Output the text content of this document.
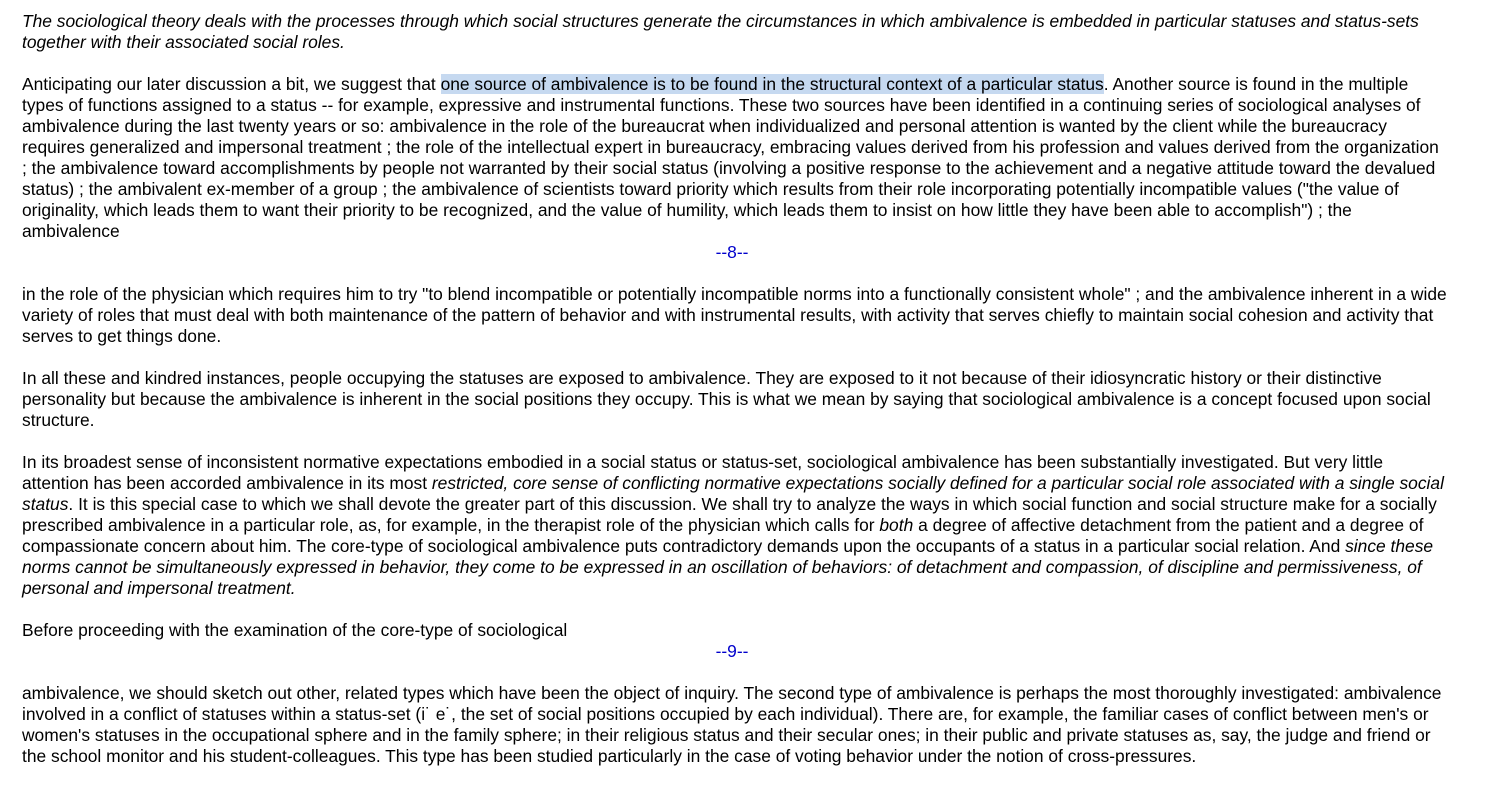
The sociological theory deals with the processes through which social structures generate the circumstances in which ambivalence is embedded in particular statuses and status-sets together with their associated social roles.

Anticipating our later discussion a bit, we suggest that one source of ambivalence is to be found in the structural context of a particular status. Another source is found in the multiple types of functions assigned to a status -- for example, expressive and instrumental functions. These two sources have been identified in a continuing series of sociological analyses of ambivalence during the last twenty years or so: ambivalence in the role of the bureaucrat when individualized and personal attention is wanted by the client while the bureaucracy requires generalized and impersonal treatment ; the role of the intellectual expert in bureaucracy, embracing values derived from his profession and values derived from the organization ; the ambivalence toward accomplishments by people not warranted by their social status (involving a positive response to the achievement and a negative attitude toward the devalued status) ; the ambivalent ex-member of a group ; the ambivalence of scientists toward priority which results from their role incorporating potentially incompatible values ("the value of originality, which leads them to want their priority to be recognized, and the value of humility, which leads them to insist on how little they have been able to accomplish") ; the ambivalence

--8--

in the role of the physician which requires him to try "to blend incompatible or potentially incompatible norms into a functionally consistent whole" ; and the ambivalence inherent in a wide variety of roles that must deal with both maintenance of the pattern of behavior and with instrumental results, with activity that serves chiefly to maintain social cohesion and activity that serves to get things done.

In all these and kindred instances, people occupying the statuses are exposed to ambivalence. They are exposed to it not because of their idiosyncratic history or their distinctive personality but because the ambivalence is inherent in the social positions they occupy. This is what we mean by saying that sociological ambivalence is a concept focused upon social structure.

In its broadest sense of inconsistent normative expectations embodied in a social status or status-set, sociological ambivalence has been substantially investigated. But very little attention has been accorded ambivalence in its most restricted, core sense of conflicting normative expectations socially defined for a particular social role associated with a single social status. It is this special case to which we shall devote the greater part of this discussion. We shall try to analyze the ways in which social function and social structure make for a socially prescribed ambivalence in a particular role, as, for example, in the therapist role of the physician which calls for both a degree of affective detachment from the patient and a degree of compassionate concern about him. The core-type of sociological ambivalence puts contradictory demands upon the occupants of a status in a particular social relation. And since these norms cannot be simultaneously expressed in behavior, they come to be expressed in an oscillation of behaviors: of detachment and compassion, of discipline and permissiveness, of personal and impersonal treatment.

Before proceeding with the examination of the core-type of sociological

--9--

ambivalence, we should sketch out other, related types which have been the object of inquiry. The second type of ambivalence is perhaps the most thoroughly investigated: ambivalence involved in a conflict of statuses within a status-set (i˙ e˙, the set of social positions occupied by each individual). There are, for example, the familiar cases of conflict between men's or women's statuses in the occupational sphere and in the family sphere; in their religious status and their secular ones; in their public and private statuses as, say, the judge and friend or the school monitor and his student-colleagues. This type has been studied particularly in the case of voting behavior under the notion of cross-pressures.
